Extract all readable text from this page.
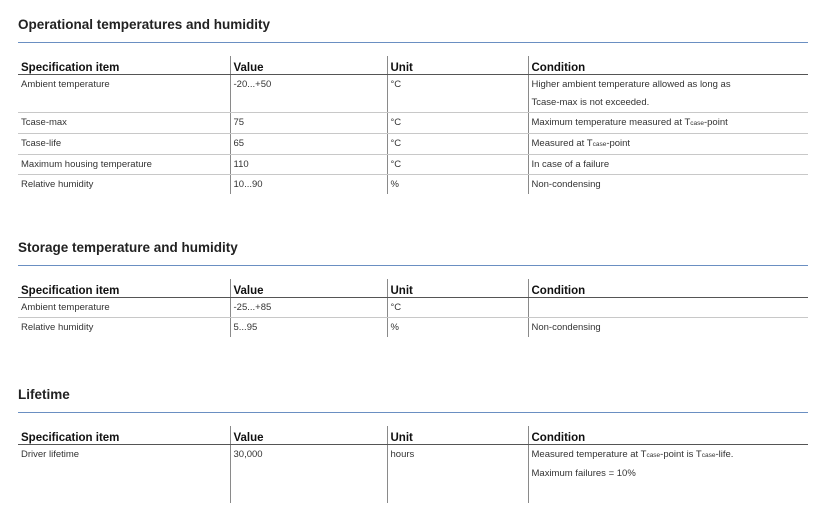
Operational temperatures and humidity
Specification item	Value	Unit	Condition
Ambient temperature	-20...+50	°C	Higher ambient temperature allowed as long as
Tcase-max is not exceeded.

Tcase-max	75	°C	Maximum temperature measured at Tcase-point
Tcase-life	65	°C	Measured at Tcase-point
Maximum housing temperature	110	°C	In case of a failure
Relative humidity	10...90	%	Non-condensing
Storage temperature and humidity
Specification item	Value	Unit	Condition
Ambient temperature	-25...+85	°C	
Relative humidity	5...95	%	Non-condensing
Lifetime
Specification item	Value	Unit	Condition
Driver lifetime	30,000	hours	Measured temperature at Tcase-point is Tcase-life.
Maximum failures = 10%
